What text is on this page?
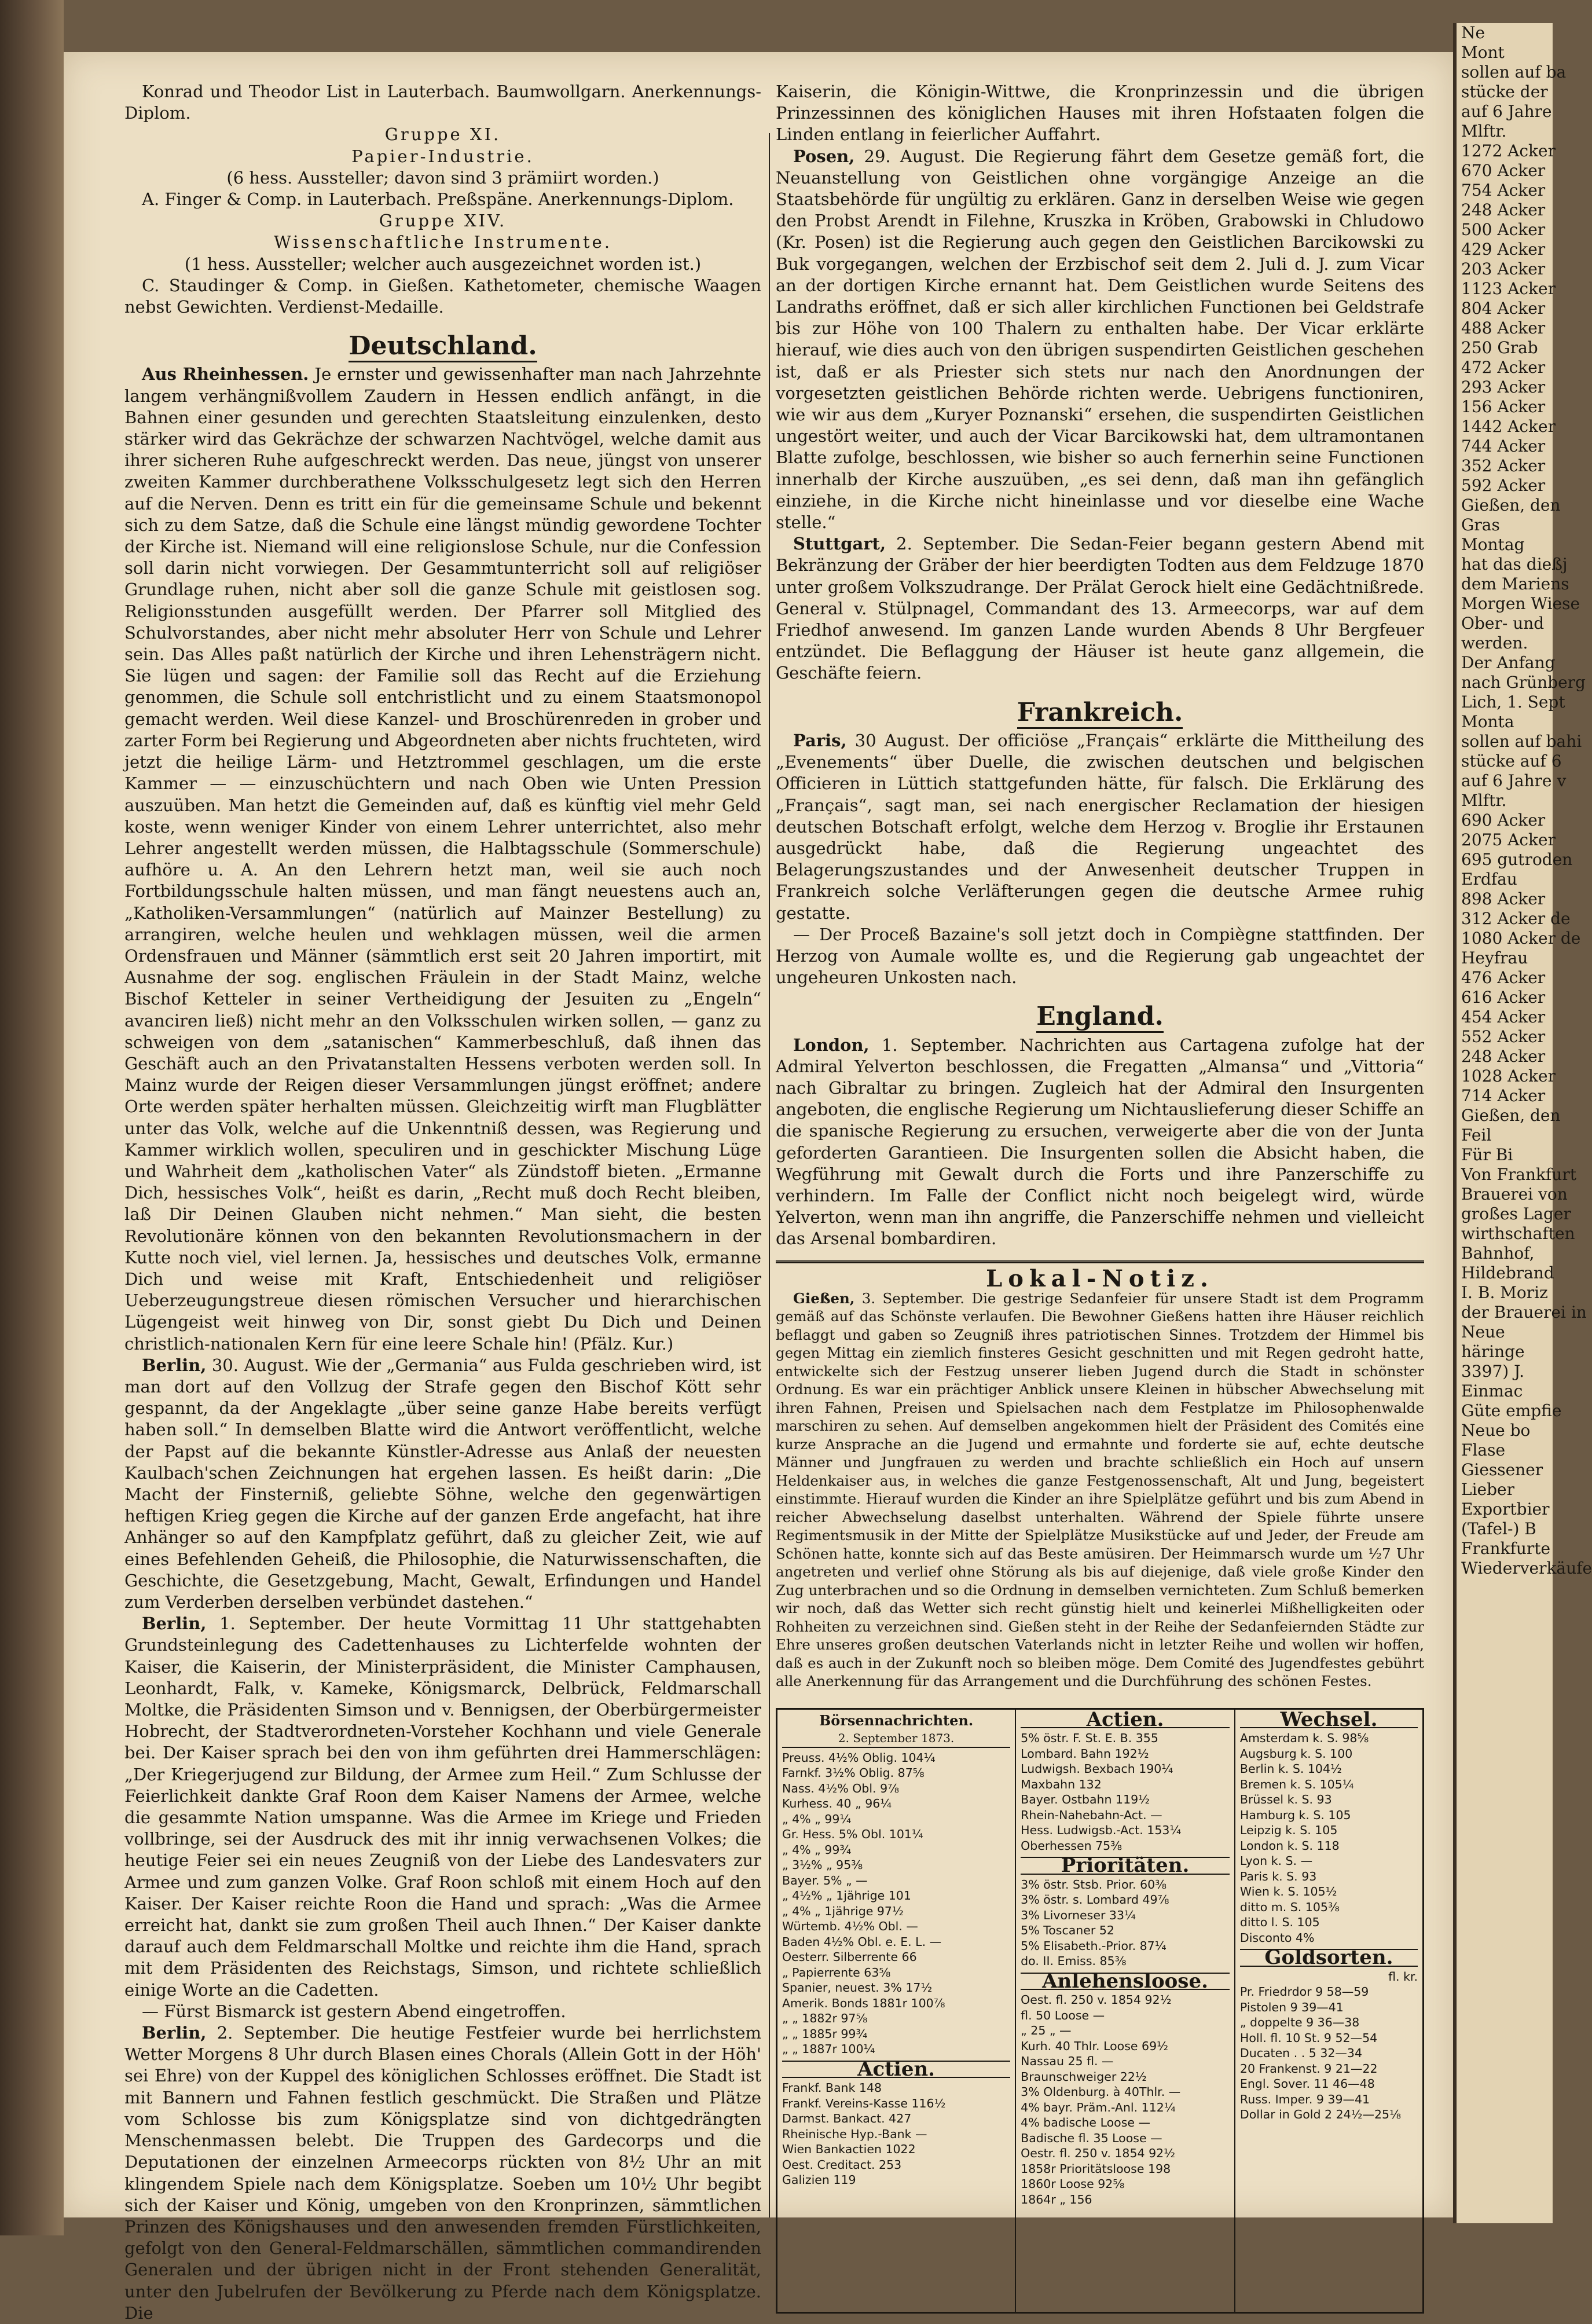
Konrad und Theodor List in Lauterbach. Baumwollgarn. Anerkennungs-Diplom.

Gruppe XI.

Papier-Industrie.

(6 hess. Aussteller; davon sind 3 prämiirt worden.)

A. Finger & Comp. in Lauterbach. Preßspäne. Anerkennungs-Diplom.

Gruppe XIV.

Wissenschaftliche Instrumente.

(1 hess. Aussteller; welcher auch ausgezeichnet worden ist.)

C. Staudinger & Comp. in Gießen. Kathetometer, chemische Waagen nebst Gewichten. Verdienst-Medaille.

Deutschland.

Aus Rheinhessen. Je ernster und gewissenhafter man nach Jahrzehnte langem verhängnißvollem Zaudern in Hessen endlich anfängt, in die Bahnen einer gesunden und gerechten Staatsleitung einzulenken, desto stärker wird das Gekrächze der schwarzen Nachtvögel, welche damit aus ihrer sicheren Ruhe aufgeschreckt werden. Das neue, jüngst von unserer zweiten Kammer durchberathene Volksschulgesetz legt sich den Herren auf die Nerven. Denn es tritt ein für die gemeinsame Schule und bekennt sich zu dem Satze, daß die Schule eine längst mündig gewordene Tochter der Kirche ist. Niemand will eine religionslose Schule, nur die Confession soll darin nicht vorwiegen. Der Gesammtunterricht soll auf religiöser Grundlage ruhen, nicht aber soll die ganze Schule mit geistlosen sog. Religionsstunden ausgefüllt werden. Der Pfarrer soll Mitglied des Schulvorstandes, aber nicht mehr absoluter Herr von Schule und Lehrer sein. Das Alles paßt natürlich der Kirche und ihren Lehensträgern nicht. Sie lügen und sagen: der Familie soll das Recht auf die Erziehung genommen, die Schule soll entchristlicht und zu einem Staatsmonopol gemacht werden. Weil diese Kanzel- und Broschürenreden in grober und zarter Form bei Regierung und Abgeordneten aber nichts fruchteten, wird jetzt die heilige Lärm- und Hetztrommel geschlagen, um die erste Kammer — — einzuschüchtern und nach Oben wie Unten Pression auszuüben. Man hetzt die Gemeinden auf, daß es künftig viel mehr Geld koste, wenn weniger Kinder von einem Lehrer unterrichtet, also mehr Lehrer angestellt werden müssen, die Halbtagsschule (Sommerschule) aufhöre u. A. An den Lehrern hetzt man, weil sie auch noch Fortbildungsschule halten müssen, und man fängt neuestens auch an, „Katholiken-Versammlungen“ (natürlich auf Mainzer Bestellung) zu arrangiren, welche heulen und wehklagen müssen, weil die armen Ordensfrauen und Männer (sämmtlich erst seit 20 Jahren importirt, mit Ausnahme der sog. englischen Fräulein in der Stadt Mainz, welche Bischof Ketteler in seiner Vertheidigung der Jesuiten zu „Engeln“ avanciren ließ) nicht mehr an den Volksschulen wirken sollen, — ganz zu schweigen von dem „satanischen“ Kammerbeschluß, daß ihnen das Geschäft auch an den Privatanstalten Hessens verboten werden soll. In Mainz wurde der Reigen dieser Versammlungen jüngst eröffnet; andere Orte werden später herhalten müssen. Gleichzeitig wirft man Flugblätter unter das Volk, welche auf die Unkenntniß dessen, was Regierung und Kammer wirklich wollen, speculiren und in geschickter Mischung Lüge und Wahrheit dem „katholischen Vater“ als Zündstoff bieten. „Ermanne Dich, hessisches Volk“, heißt es darin, „Recht muß doch Recht bleiben, laß Dir Deinen Glauben nicht nehmen.“ Man sieht, die besten Revolutionäre können von den bekannten Revolutionsmachern in der Kutte noch viel, viel lernen. Ja, hessisches und deutsches Volk, ermanne Dich und weise mit Kraft, Entschiedenheit und religiöser Ueberzeugungstreue diesen römischen Versucher und hierarchischen Lügengeist weit hinweg von Dir, sonst giebt Du Dich und Deinen christlich-nationalen Kern für eine leere Schale hin! (Pfälz. Kur.)

Berlin, 30. August. Wie der „Germania“ aus Fulda geschrieben wird, ist man dort auf den Vollzug der Strafe gegen den Bischof Kött sehr gespannt, da der Angeklagte „über seine ganze Habe bereits verfügt haben soll.“ In demselben Blatte wird die Antwort veröffentlicht, welche der Papst auf die bekannte Künstler-Adresse aus Anlaß der neuesten Kaulbach'schen Zeichnungen hat ergehen lassen. Es heißt darin: „Die Macht der Finsterniß, geliebte Söhne, welche den gegenwärtigen heftigen Krieg gegen die Kirche auf der ganzen Erde angefacht, hat ihre Anhänger so auf den Kampfplatz geführt, daß zu gleicher Zeit, wie auf eines Befehlenden Geheiß, die Philosophie, die Naturwissenschaften, die Geschichte, die Gesetzgebung, Macht, Gewalt, Erfindungen und Handel zum Verderben derselben verbündet dastehen.“

Berlin, 1. September. Der heute Vormittag 11 Uhr stattgehabten Grundsteinlegung des Cadettenhauses zu Lichterfelde wohnten der Kaiser, die Kaiserin, der Ministerpräsident, die Minister Camphausen, Leonhardt, Falk, v. Kameke, Königsmarck, Delbrück, Feldmarschall Moltke, die Präsidenten Simson und v. Bennigsen, der Oberbürgermeister Hobrecht, der Stadtverordneten-Vorsteher Kochhann und viele Generale bei. Der Kaiser sprach bei den von ihm geführten drei Hammerschlägen: „Der Kriegerjugend zur Bildung, der Armee zum Heil.“ Zum Schlusse der Feierlichkeit dankte Graf Roon dem Kaiser Namens der Armee, welche die gesammte Nation umspanne. Was die Armee im Kriege und Frieden vollbringe, sei der Ausdruck des mit ihr innig verwachsenen Volkes; die heutige Feier sei ein neues Zeugniß von der Liebe des Landesvaters zur Armee und zum ganzen Volke. Graf Roon schloß mit einem Hoch auf den Kaiser. Der Kaiser reichte Roon die Hand und sprach: „Was die Armee erreicht hat, dankt sie zum großen Theil auch Ihnen.“ Der Kaiser dankte darauf auch dem Feldmarschall Moltke und reichte ihm die Hand, sprach mit dem Präsidenten des Reichstags, Simson, und richtete schließlich einige Worte an die Cadetten.

— Fürst Bismarck ist gestern Abend eingetroffen.

Berlin, 2. September. Die heutige Festfeier wurde bei herrlichstem Wetter Morgens 8 Uhr durch Blasen eines Chorals (Allein Gott in der Höh' sei Ehre) von der Kuppel des königlichen Schlosses eröffnet. Die Stadt ist mit Bannern und Fahnen festlich geschmückt. Die Straßen und Plätze vom Schlosse bis zum Königsplatze sind von dichtgedrängten Menschenmassen belebt. Die Truppen des Gardecorps und die Deputationen der einzelnen Armeecorps rückten von 8½ Uhr an mit klingendem Spiele nach dem Königsplatze. Soeben um 10½ Uhr begibt sich der Kaiser und König, umgeben von den Kronprinzen, sämmtlichen Prinzen des Königshauses und den anwesenden fremden Fürstlichkeiten, gefolgt von den General-Feldmarschällen, sämmtlichen commandirenden Generalen und der übrigen nicht in der Front stehenden Generalität, unter den Jubelrufen der Bevölkerung zu Pferde nach dem Königsplatze. Die

Kaiserin, die Königin-Wittwe, die Kronprinzessin und die übrigen Prinzessinnen des königlichen Hauses mit ihren Hofstaaten folgen die Linden entlang in feierlicher Auffahrt.

Posen, 29. August. Die Regierung fährt dem Gesetze gemäß fort, die Neuanstellung von Geistlichen ohne vorgängige Anzeige an die Staatsbehörde für ungültig zu erklären. Ganz in derselben Weise wie gegen den Probst Arendt in Filehne, Kruszka in Kröben, Grabowski in Chludowo (Kr. Posen) ist die Regierung auch gegen den Geistlichen Barcikowski zu Buk vorgegangen, welchen der Erzbischof seit dem 2. Juli d. J. zum Vicar an der dortigen Kirche ernannt hat. Dem Geistlichen wurde Seitens des Landraths eröffnet, daß er sich aller kirchlichen Functionen bei Geldstrafe bis zur Höhe von 100 Thalern zu enthalten habe. Der Vicar erklärte hierauf, wie dies auch von den übrigen suspendirten Geistlichen geschehen ist, daß er als Priester sich stets nur nach den Anordnungen der vorgesetzten geistlichen Behörde richten werde. Uebrigens functioniren, wie wir aus dem „Kuryer Poznanski“ ersehen, die suspendirten Geistlichen ungestört weiter, und auch der Vicar Barcikowski hat, dem ultramontanen Blatte zufolge, beschlossen, wie bisher so auch fernerhin seine Functionen innerhalb der Kirche auszuüben, „es sei denn, daß man ihn gefänglich einziehe, in die Kirche nicht hineinlasse und vor dieselbe eine Wache stelle.“

Stuttgart, 2. September. Die Sedan-Feier begann gestern Abend mit Bekränzung der Gräber der hier beerdigten Todten aus dem Feldzuge 1870 unter großem Volkszudrange. Der Prälat Gerock hielt eine Gedächtnißrede. General v. Stülpnagel, Commandant des 13. Armeecorps, war auf dem Friedhof anwesend. Im ganzen Lande wurden Abends 8 Uhr Bergfeuer entzündet. Die Beflaggung der Häuser ist heute ganz allgemein, die Geschäfte feiern.

Frankreich.

Paris, 30 August. Der officiöse „Français“ erklärte die Mittheilung des „Evenements“ über Duelle, die zwischen deutschen und belgischen Officieren in Lüttich stattgefunden hätte, für falsch. Die Erklärung des „Français“, sagt man, sei nach energischer Reclamation der hiesigen deutschen Botschaft erfolgt, welche dem Herzog v. Broglie ihr Erstaunen ausgedrückt habe, daß die Regierung ungeachtet des Belagerungszustandes und der Anwesenheit deutscher Truppen in Frankreich solche Verläfterungen gegen die deutsche Armee ruhig gestatte.

— Der Proceß Bazaine's soll jetzt doch in Compiègne stattfinden. Der Herzog von Aumale wollte es, und die Regierung gab ungeachtet der ungeheuren Unkosten nach.

England.

London, 1. September. Nachrichten aus Cartagena zufolge hat der Admiral Yelverton beschlossen, die Fregatten „Almansa“ und „Vittoria“ nach Gibraltar zu bringen. Zugleich hat der Admiral den Insurgenten angeboten, die englische Regierung um Nichtauslieferung dieser Schiffe an die spanische Regierung zu ersuchen, verweigerte aber die von der Junta geforderten Garantieen. Die Insurgenten sollen die Absicht haben, die Wegführung mit Gewalt durch die Forts und ihre Panzerschiffe zu verhindern. Im Falle der Conflict nicht noch beigelegt wird, würde Yelverton, wenn man ihn angriffe, die Panzerschiffe nehmen und vielleicht das Arsenal bombardiren.

Lokal-Notiz.

Gießen, 3. September. Die gestrige Sedanfeier für unsere Stadt ist dem Programm gemäß auf das Schönste verlaufen. Die Bewohner Gießens hatten ihre Häuser reichlich beflaggt und gaben so Zeugniß ihres patriotischen Sinnes. Trotzdem der Himmel bis gegen Mittag ein ziemlich finsteres Gesicht geschnitten und mit Regen gedroht hatte, entwickelte sich der Festzug unserer lieben Jugend durch die Stadt in schönster Ordnung. Es war ein prächtiger Anblick unsere Kleinen in hübscher Abwechselung mit ihren Fahnen, Preisen und Spielsachen nach dem Festplatze im Philosophenwalde marschiren zu sehen. Auf demselben angekommen hielt der Präsident des Comités eine kurze Ansprache an die Jugend und ermahnte und forderte sie auf, echte deutsche Männer und Jungfrauen zu werden und brachte schließlich ein Hoch auf unsern Heldenkaiser aus, in welches die ganze Festgenossenschaft, Alt und Jung, begeistert einstimmte. Hierauf wurden die Kinder an ihre Spielplätze geführt und bis zum Abend in reicher Abwechselung daselbst unterhalten. Während der Spiele führte unsere Regimentsmusik in der Mitte der Spielplätze Musikstücke auf und Jeder, der Freude am Schönen hatte, konnte sich auf das Beste amüsiren. Der Heimmarsch wurde um ½7 Uhr angetreten und verlief ohne Störung als bis auf diejenige, daß viele große Kinder den Zug unterbrachen und so die Ordnung in demselben vernichteten. Zum Schluß bemerken wir noch, daß das Wetter sich recht günstig hielt und keinerlei Mißhelligkeiten oder Rohheiten zu verzeichnen sind. Gießen steht in der Reihe der Sedanfeiernden Städte zur Ehre unseres großen deutschen Vaterlands nicht in letzter Reihe und wollen wir hoffen, daß es auch in der Zukunft noch so bleiben möge. Dem Comité des Jugendfestes gebührt alle Anerkennung für das Arrangement und die Durchführung des schönen Festes.

Börsennachrichten.
2. September 1873.
Preuss. 4½% Oblig. 104¼
Farnkf. 3½% Oblig. 87⅝
Nass. 4½% Obl. 9⅞
Kurhess. 40 „ 96¼
„ 4% „ 99¼
Gr. Hess. 5% Obl. 101¼
„ 4% „ 99¾
„ 3½% „ 95⅜
Bayer. 5% „ —
„ 4½% „ 1jährige 101
„ 4% „ 1jährige 97½
Würtemb. 4½% Obl. —
Baden 4½% Obl. e. E. L. —
Oesterr. Silberrente 66
„ Papierrente 63⅝
Spanier, neuest. 3% 17½
Amerik. Bonds 1881r 100⅞
„ „ 1882r 97⅝
„ „ 1885r 99¾
„ „ 1887r 100¼
Actien.
Frankf. Bank 148
Frankf. Vereins-Kasse 116½
Darmst. Bankact. 427
Rheinische Hyp.-Bank —
Wien Bankactien 1022
Oest. Creditact. 253
Galizien 119
Actien.
5% östr. F. St. E. B. 355
Lombard. Bahn 192½
Ludwigsh. Bexbach 190¼
Maxbahn 132
Bayer. Ostbahn 119½
Rhein-Nahebahn-Act. —
Hess. Ludwigsb.-Act. 153¼
Oberhessen 75⅜
Prioritäten.
3% östr. Stsb. Prior. 60⅜
3% östr. s. Lombard 49⅞
3% Livorneser 33¼
5% Toscaner 52
5% Elisabeth.-Prior. 87¼
do. II. Emiss. 85⅜
Anlehensloose.
Oest. fl. 250 v. 1854 92½
fl. 50 Loose —
„ 25 „ —
Kurh. 40 Thlr. Loose 69½
Nassau 25 fl. —
Braunschweiger 22½
3% Oldenburg. à 40Thlr. —
4% bayr. Präm.-Anl. 112¼
4% badische Loose —
Badische fl. 35 Loose —
Oestr. fl. 250 v. 1854 92½
1858r Prioritätsloose 198
1860r Loose 92⅝
1864r „ 156
Wechsel.
Amsterdam k. S. 98⅝
Augsburg k. S. 100
Berlin k. S. 104½
Bremen k. S. 105¼
Brüssel k. S. 93
Hamburg k. S. 105
Leipzig k. S. 105
London k. S. 118
Lyon k. S. —
Paris k. S. 93
Wien k. S. 105½
ditto m. S. 105⅜
ditto l. S. 105
Disconto 4%
Goldsorten.
fl. kr.
Pr. Friedrdor 9 58—59
Pistolen 9 39—41
„ doppelte 9 36—38
Holl. fl. 10 St. 9 52—54
Ducaten . . 5 32—34
20 Frankenst. 9 21—22
Engl. Sover. 11 46—48
Russ. Imper. 9 39—41
Dollar in Gold 2 24½—25⅛
Ne
Mont
sollen auf ba
stücke der
auf 6 Jahre
Mlftr.
1272 Acker
670 Acker
754 Acker
248 Acker
500 Acker
429 Acker
203 Acker
1123 Acker
804 Acker
488 Acker
250 Grab
472 Acker
293 Acker
156 Acker
1442 Acker
744 Acker
352 Acker
592 Acker
Gießen, den
Gras
Montag
hat das dießj
dem Mariens
Morgen Wiese
Ober- und
werden.
Der Anfang
nach Grünberg
Lich, 1. Sept
Monta
sollen auf bahi
stücke auf 6
auf 6 Jahre v
Mlftr.
690 Acker
2075 Acker
695 gutroden
Erdfau
898 Acker
312 Acker de
1080 Acker de
Heyfrau
476 Acker
616 Acker
454 Acker
552 Acker
248 Acker
1028 Acker
714 Acker
Gießen, den
Feil
Für Bi
Von Frankfurt
Brauerei von
großes Lager
wirthschaften
Bahnhof,
Hildebrand
I. B. Moriz
der Brauerei in
Neue
häringe
3397) J.
Einmac
Güte empfie
Neue bo
Flase
Giessener
Lieber
Exportbier
(Tafel-) B
Frankfurte
Wiederverkäufe
